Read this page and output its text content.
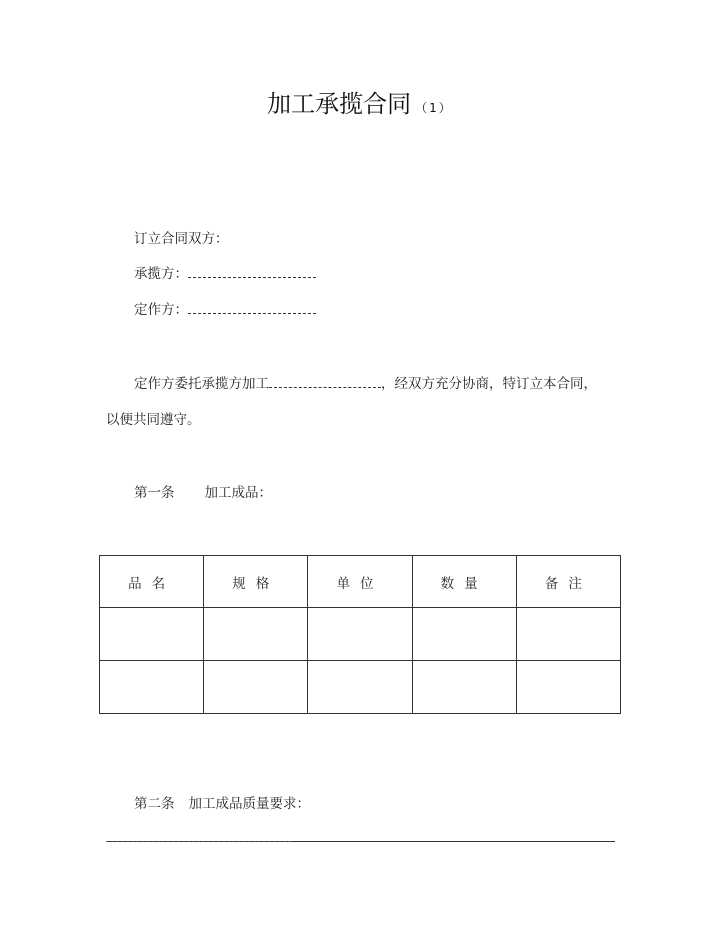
加工承揽合同 （1）
订立合同双方：
承揽方：
定作方：
定作方委托承揽方加工	，经双方充分协商，特订立本合同，
以便共同遵守。
第一条 加工成品：
品名	规格	单位	数量	备注

第二条 加工成品质量要求：
